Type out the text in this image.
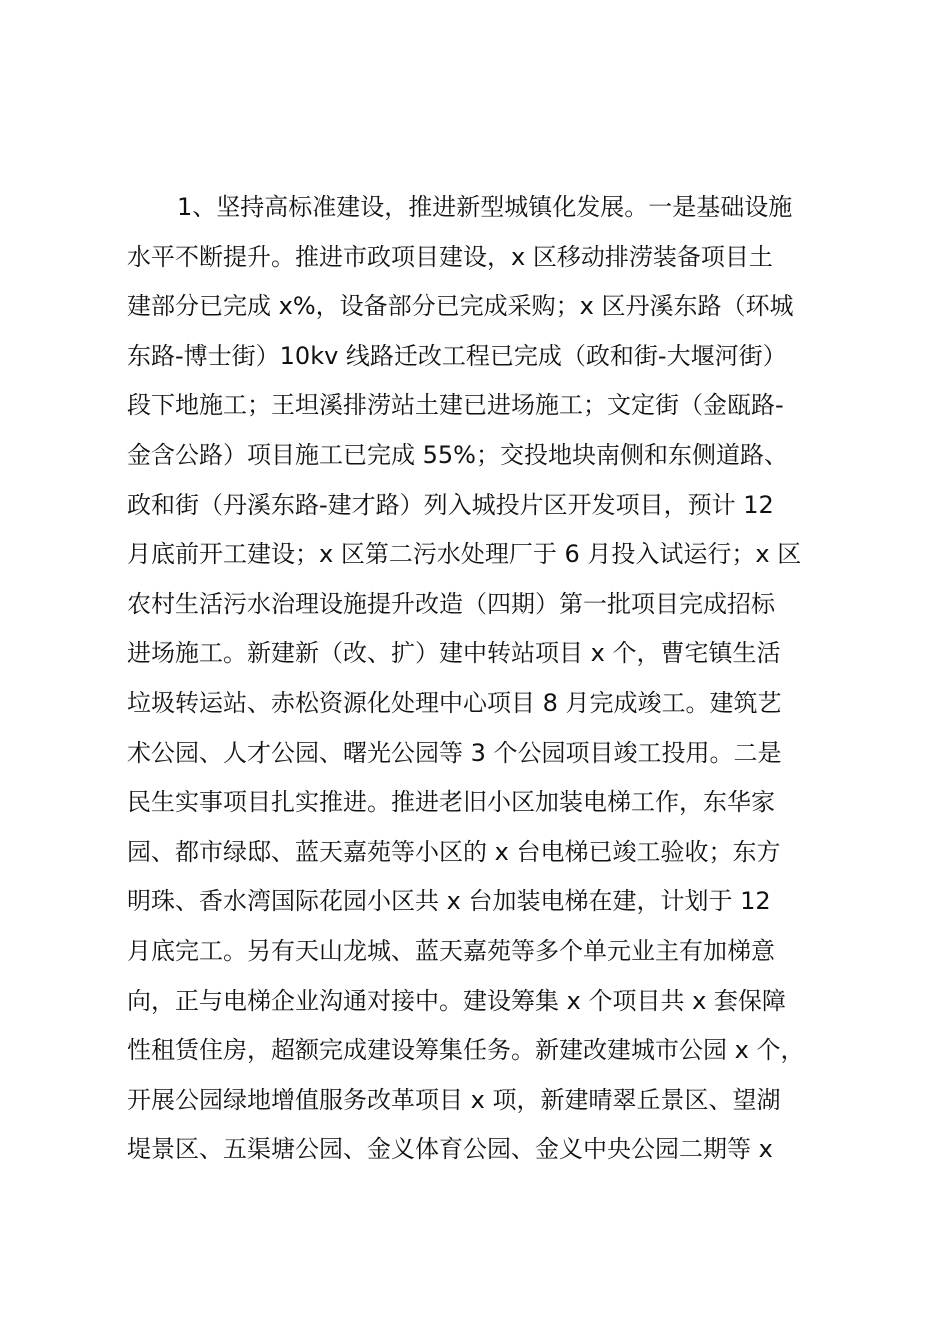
1、坚持高标准建设，推进新型城镇化发展。一是基础设施
水平不断提升。推进市政项目建设，x 区移动排涝装备项目土
建部分已完成 x%，设备部分已完成采购；x 区丹溪东路（环城
东路-博士街）10kv 线路迁改工程已完成（政和街-大堰河街）
段下地施工；王坦溪排涝站土建已进场施工；文定街（金瓯路-
金含公路）项目施工已完成 55%；交投地块南侧和东侧道路、
政和街（丹溪东路-建才路）列入城投片区开发项目，预计 12
月底前开工建设；x 区第二污水处理厂于 6 月投入试运行；x 区
农村生活污水治理设施提升改造（四期）第一批项目完成招标
进场施工。新建新（改、扩）建中转站项目 x 个，曹宅镇生活
垃圾转运站、赤松资源化处理中心项目 8 月完成竣工。建筑艺
术公园、人才公园、曙光公园等 3 个公园项目竣工投用。二是
民生实事项目扎实推进。推进老旧小区加装电梯工作，东华家
园、都市绿邸、蓝天嘉苑等小区的 x 台电梯已竣工验收；东方
明珠、香水湾国际花园小区共 x 台加装电梯在建，计划于 12
月底完工。另有天山龙城、蓝天嘉苑等多个单元业主有加梯意
向，正与电梯企业沟通对接中。建设筹集 x 个项目共 x 套保障
性租赁住房，超额完成建设筹集任务。新建改建城市公园 x 个，
开展公园绿地增值服务改革项目 x 项，新建晴翠丘景区、望湖
堤景区、五渠塘公园、金义体育公园、金义中央公园二期等 x
